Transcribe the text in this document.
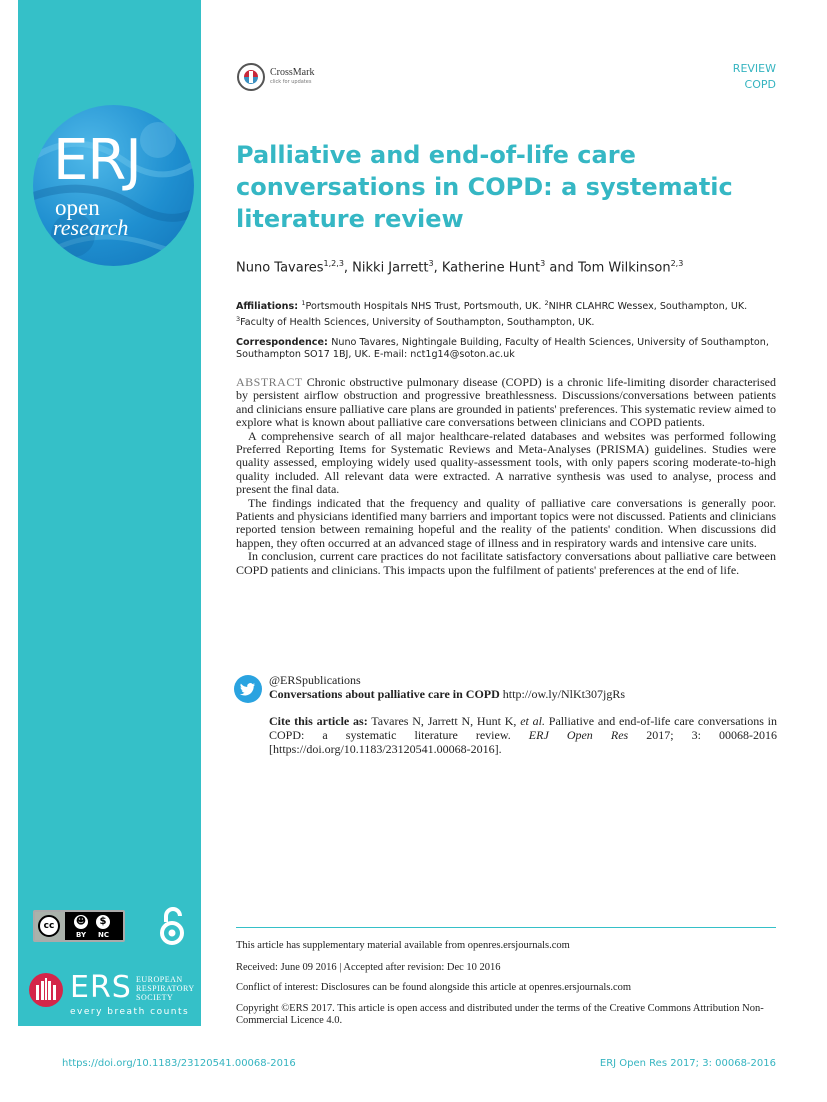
ERJ
open
research
cc	☻	$
BY NC
ERS EUROPEAN RESPIRATORY SOCIETY
every breath counts
CrossMark
click for updates
REVIEW
COPD
Palliative and end-of-life care conversations in COPD: a systematic literature review
Nuno Tavares$^{1,2,3}$, Nikki Jarrett$^3$, Katherine Hunt$^3$ and Tom Wilkinson$^{2,3}$
Affiliations: $^1$Portsmouth Hospitals NHS Trust, Portsmouth, UK. $^2$NIHR CLAHRC Wessex, Southampton, UK. $^3$Faculty of Health Sciences, University of Southampton, Southampton, UK.
Correspondence: Nuno Tavares, Nightingale Building, Faculty of Health Sciences, University of Southampton, Southampton SO17 1BJ, UK. E-mail: nct1g14@soton.ac.uk

ABSTRACT Chronic obstructive pulmonary disease (COPD) is a chronic life-limiting disorder characterised by persistent airflow obstruction and progressive breathlessness. Discussions/conversations between patients and clinicians ensure palliative care plans are grounded in patients' preferences. This systematic review aimed to explore what is known about palliative care conversations between clinicians and COPD patients.

A comprehensive search of all major healthcare-related databases and websites was performed following Preferred Reporting Items for Systematic Reviews and Meta-Analyses (PRISMA) guidelines. Studies were quality assessed, employing widely used quality-assessment tools, with only papers scoring moderate-to-high quality included. All relevant data were extracted. A narrative synthesis was used to analyse, process and present the final data.

The findings indicated that the frequency and quality of palliative care conversations is generally poor. Patients and physicians identified many barriers and important topics were not discussed. Patients and clinicians reported tension between remaining hopeful and the reality of the patients' condition. When discussions did happen, they often occurred at an advanced stage of illness and in respiratory wards and intensive care units.

In conclusion, current care practices do not facilitate satisfactory conversations about palliative care between COPD patients and clinicians. This impacts upon the fulfilment of patients' preferences at the end of life.

@ERSpublications
Conversations about palliative care in COPD http://ow.ly/NlKt307jgRs
Cite this article as: Tavares N, Jarrett N, Hunt K, et al. Palliative and end-of-life care conversations in COPD: a systematic literature review. ERJ Open Res 2017; 3: 00068-2016 [https://doi.org/10.1183/23120541.00068-2016].
This article has supplementary material available from openres.ersjournals.com
Received: June 09 2016 | Accepted after revision: Dec 10 2016
Conflict of interest: Disclosures can be found alongside this article at openres.ersjournals.com
Copyright ©ERS 2017. This article is open access and distributed under the terms of the Creative Commons Attribution Non-Commercial Licence 4.0.
https://doi.org/10.1183/23120541.00068-2016	ERJ Open Res 2017; 3: 00068-2016
